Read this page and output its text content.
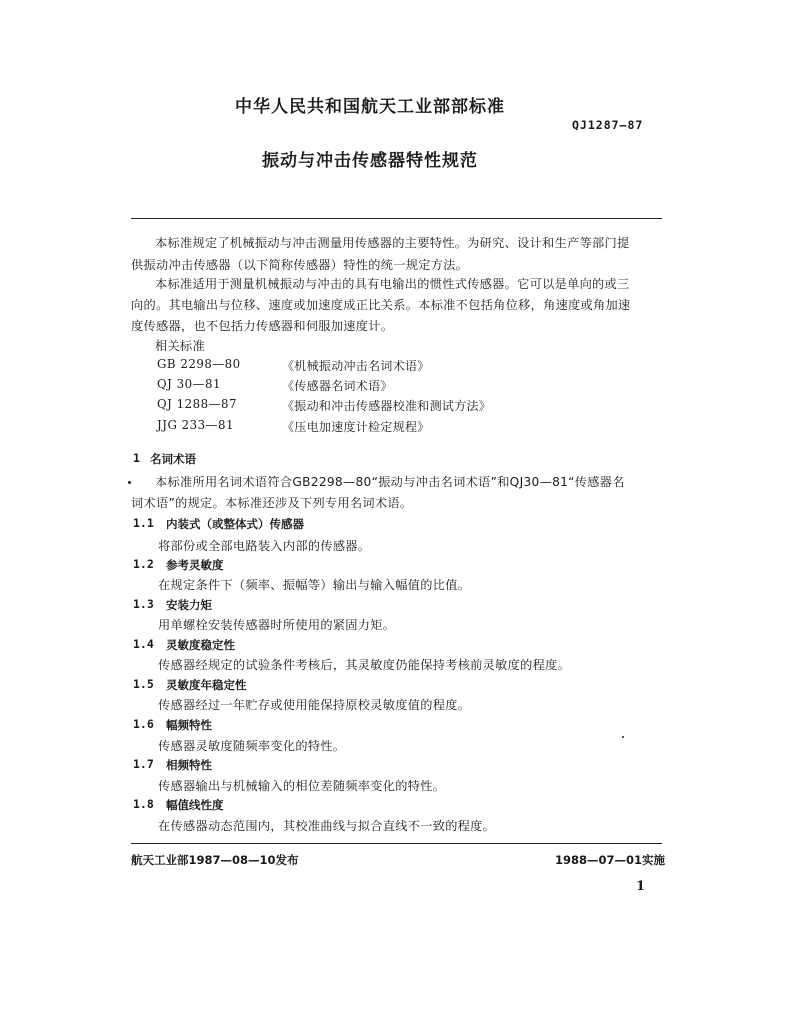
中华人民共和国航天工业部部标准
QJ1287—87
振动与冲击传感器特性规范
本标准规定了机械振动与冲击测量用传感器的主要特性。为研究、设计和生产等部门提
供振动冲击传感器（以下简称传感器）特性的统一规定方法。
本标准适用于测量机械振动与冲击的具有电输出的惯性式传感器。它可以是单向的或三
向的。其电输出与位移、速度或加速度成正比关系。本标准不包括角位移，角速度或角加速
度传感器，也不包括力传感器和伺服加速度计。
相关标准
GB 2298—80	《机械振动冲击名词术语》
QJ 30—81	《传感器名词术语》
QJ 1288—87	《振动和冲击传感器校准和测试方法》
JJG 233—81	《压电加速度计检定规程》
1 名词术语
本标准所用名词术语符合GB2298—80“振动与冲击名词术语”和QJ30—81“传感器名
词术语”的规定。本标准还涉及下列专用名词术语。
1.1 内装式（或整体式）传感器
将部份或全部电路装入内部的传感器。
1.2 参考灵敏度
在规定条件下（频率、振幅等）输出与输入幅值的比值。
1.3 安装力矩
用单螺栓安装传感器时所使用的紧固力矩。
1.4 灵敏度稳定性
传感器经规定的试验条件考核后，其灵敏度仍能保持考核前灵敏度的程度。
1.5 灵敏度年稳定性
传感器经过一年贮存或使用能保持原校灵敏度值的程度。
1.6 幅频特性
传感器灵敏度随频率变化的特性。
1.7 相频特性
传感器输出与机械输入的相位差随频率变化的特性。
1.8 幅值线性度
在传感器动态范围内，其校准曲线与拟合直线不一致的程度。
航天工业部1987—08—10发布	1988—07—01实施
1
